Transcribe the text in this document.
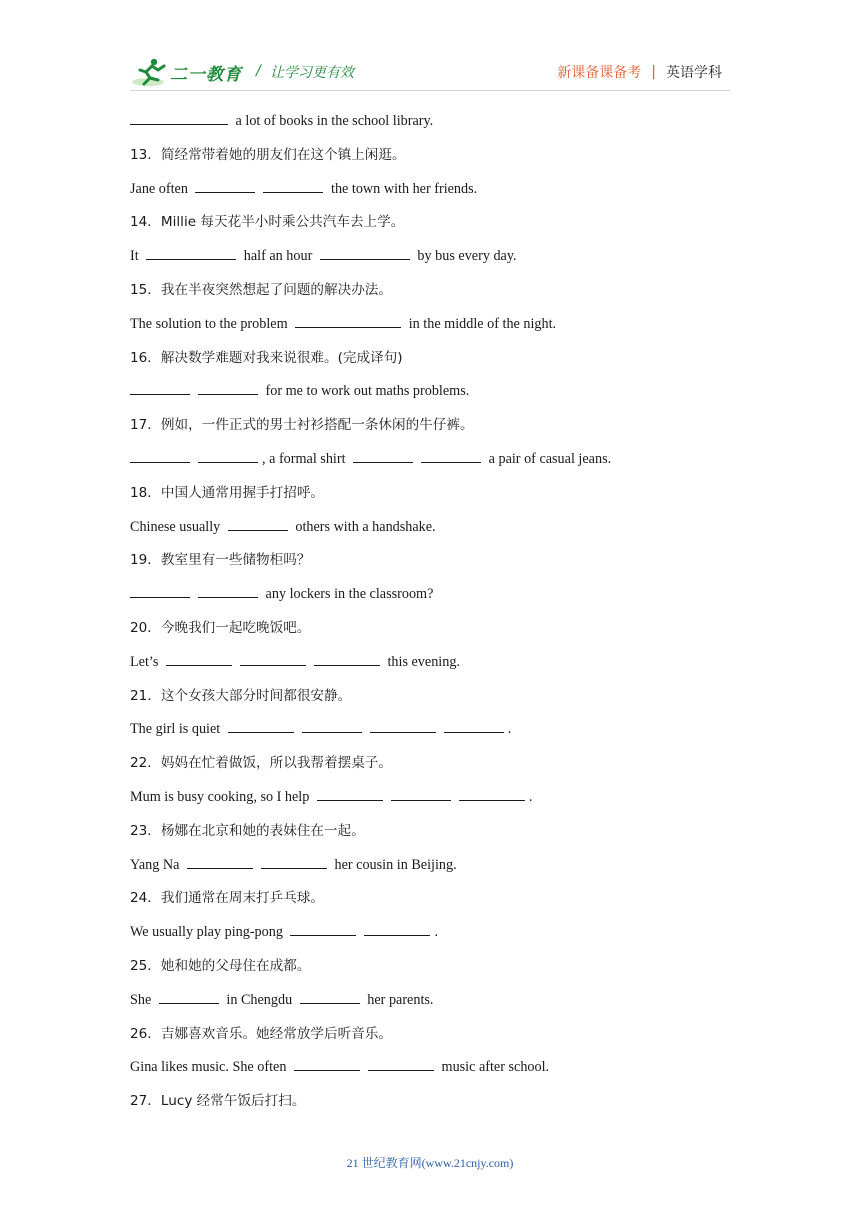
二一教育 / 让学习更有效	新课备课备考 | 英语学科
a lot of books in the school library.
13．简经常带着她的朋友们在这个镇上闲逛。
Jane often	the town with her friends.
14．Millie 每天花半小时乘公共汽车去上学。
It	half an hour	by bus every day.
15．我在半夜突然想起了问题的解决办法。
The solution to the problem	in the middle of the night.
16．解决数学难题对我来说很难。(完成译句)
for me to work out maths problems.
17．例如，一件正式的男士衬衫搭配一条休闲的牛仔裤。
, a formal shirt	a pair of casual jeans.
18．中国人通常用握手打招呼。
Chinese usually	others with a handshake.
19．教室里有一些储物柜吗？
any lockers in the classroom?
20．今晚我们一起吃晚饭吧。
Let’s	this evening.
21．这个女孩大部分时间都很安静。
The girl is quiet	.
22．妈妈在忙着做饭，所以我帮着摆桌子。
Mum is busy cooking, so I help	.
23．杨娜在北京和她的表妹住在一起。
Yang Na	her cousin in Beijing.
24．我们通常在周末打乒乓球。
We usually play ping-pong	.
25．她和她的父母住在成都。
She	in Chengdu	her parents.
26．吉娜喜欢音乐。她经常放学后听音乐。
Gina likes music. She often	music after school.
27．Lucy 经常午饭后打扫。
21 世纪教育网(www.21cnjy.com)
